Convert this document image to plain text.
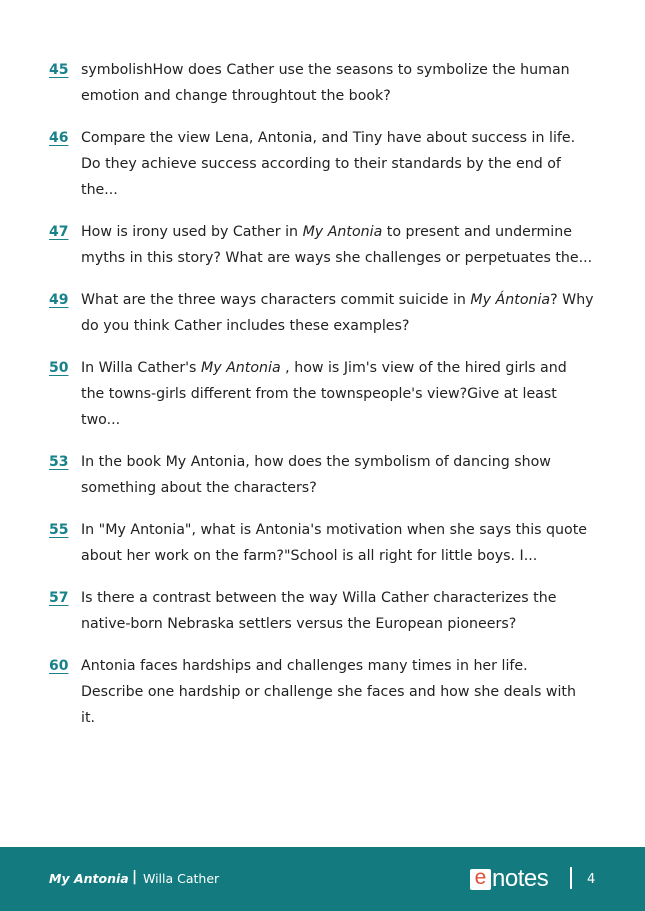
45 symbolishHow does Cather use the seasons to symbolize the human emotion and change throughtout the book?
46 Compare the view Lena, Antonia, and Tiny have about success in life. Do they achieve success according to their standards by the end of the...
47 How is irony used by Cather in My Antonia to present and undermine myths in this story? What are ways she challenges or perpetuates the...
49 What are the three ways characters commit suicide in My Ántonia? Why do you think Cather includes these examples?
50 In Willa Cather's My Antonia , how is Jim's view of the hired girls and the towns-girls different from the townspeople's view?Give at least two...
53 In the book My Antonia, how does the symbolism of dancing show something about the characters?
55 In "My Antonia", what is Antonia's motivation when she says this quote about her work on the farm?"School is all right for little boys. I...
57 Is there a contrast between the way Willa Cather characterizes the native-born Nebraska settlers versus the European pioneers?
60 Antonia faces hardships and challenges many times in her life. Describe one hardship or challenge she faces and how she deals with it.
My Antonia | Willa Cather	e notes	4
